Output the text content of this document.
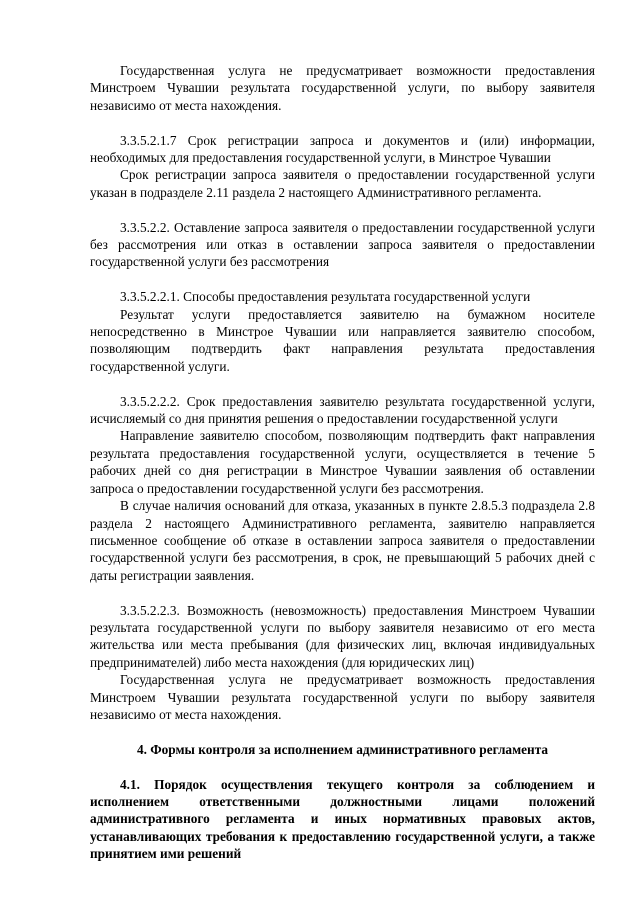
Государственная услуга не предусматривает возможности предоставления Минстроем Чувашии результата государственной услуги, по выбору заявителя независимо от места нахождения.

3.3.5.2.1.7 Срок регистрации запроса и документов и (или) информации, необходимых для предоставления государственной услуги, в Минстрое Чувашии

Срок регистрации запроса заявителя о предоставлении государственной услуги указан в подразделе 2.11 раздела 2 настоящего Административного регламента.

3.3.5.2.2. Оставление запроса заявителя о предоставлении государственной услуги без рассмотрения или отказ в оставлении запроса заявителя о предоставлении государственной услуги без рассмотрения

3.3.5.2.2.1. Способы предоставления результата государственной услуги

Результат услуги предоставляется заявителю на бумажном носителе непосредственно в Минстрое Чувашии или направляется заявителю способом, позволяющим подтвердить факт направления результата предоставления государственной услуги.

3.3.5.2.2.2. Срок предоставления заявителю результата государственной услуги, исчисляемый со дня принятия решения о предоставлении государственной услуги

Направление заявителю способом, позволяющим подтвердить факт направления результата предоставления государственной услуги, осуществляется в течение 5 рабочих дней со дня регистрации в Минстрое Чувашии заявления об оставлении запроса о предоставлении государственной услуги без рассмотрения.

В случае наличия оснований для отказа, указанных в пункте 2.8.5.3 подраздела 2.8 раздела 2 настоящего Административного регламента, заявителю направляется письменное сообщение об отказе в оставлении запроса заявителя о предоставлении государственной услуги без рассмотрения, в срок, не превышающий 5 рабочих дней с даты регистрации заявления.

3.3.5.2.2.3. Возможность (невозможность) предоставления Минстроем Чувашии результата государственной услуги по выбору заявителя независимо от его места жительства или места пребывания (для физических лиц, включая индивидуальных предпринимателей) либо места нахождения (для юридических лиц)

Государственная услуга не предусматривает возможность предоставления Минстроем Чувашии результата государственной услуги по выбору заявителя независимо от места нахождения.

4. Формы контроля за исполнением административного регламента

4.1. Порядок осуществления текущего контроля за соблюдением и исполнением ответственными должностными лицами положений административного регламента и иных нормативных правовых актов, устанавливающих требования к предоставлению государственной услуги, а также принятием ими решений
